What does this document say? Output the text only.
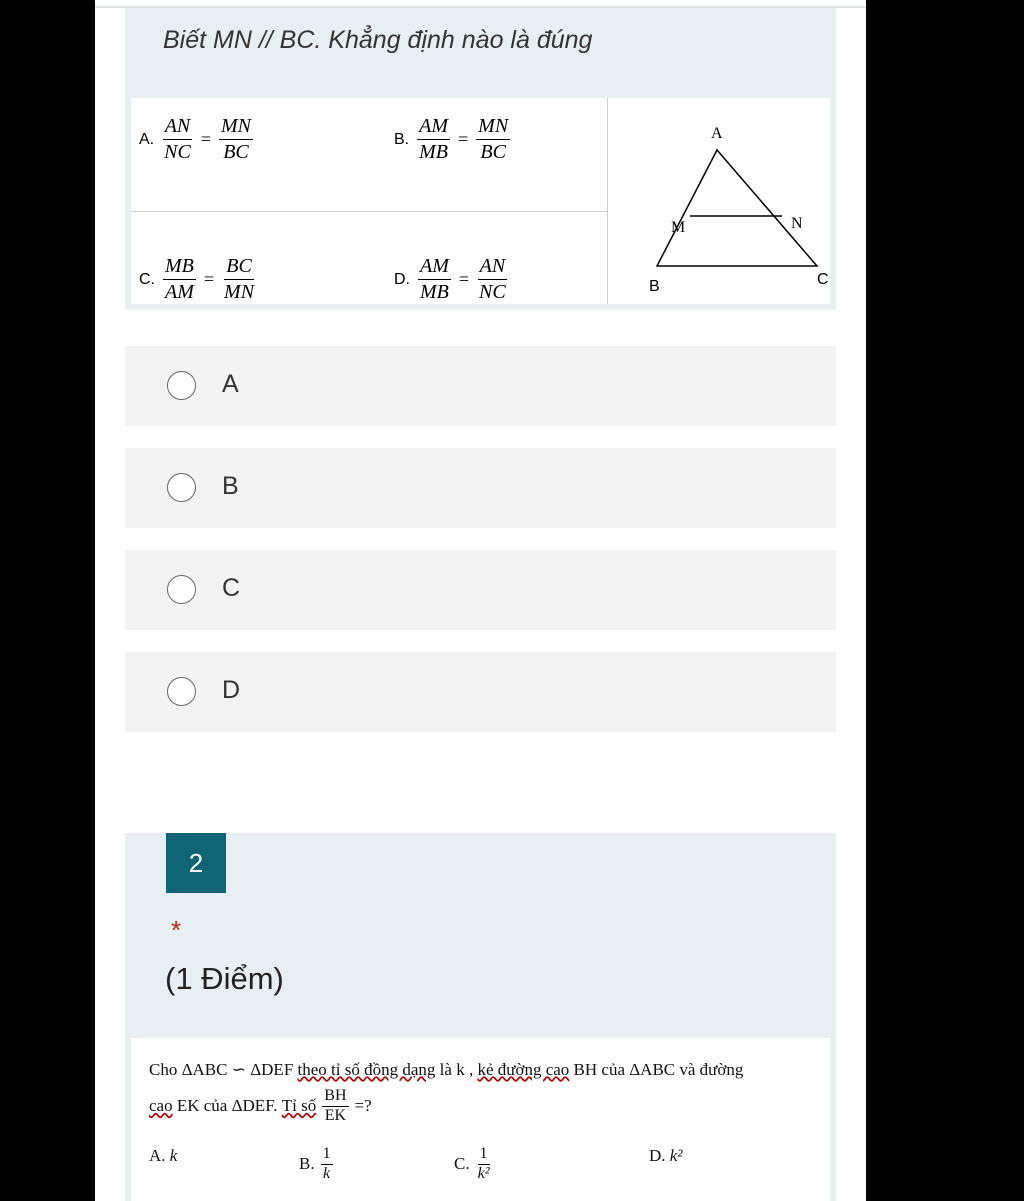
Biết MN // BC. Khẳng định nào là đúng
A. $\frac{AN}{NC} = \frac{MN}{BC}$	B. $\frac{AM}{MB} = \frac{MN}{BC}$
C. $\frac{MB}{AM} = \frac{BC}{MN}$	D. $\frac{AM}{MB} = \frac{AN}{NC}$
A
M	N
B	C
A
B
C
D
2
*
(1 Điểm)
Cho ΔABC ∽ ΔDEF theo tỉ số đồng dạng là k , kẻ đường cao BH của ΔABC và đường
cao EK của ΔDEF. Tỉ số $\frac{BH}{EK}$ =?
A.
k	B. $\frac{1}{k}$	C. $\frac{1}{\text{k²}}$	D.
k²
